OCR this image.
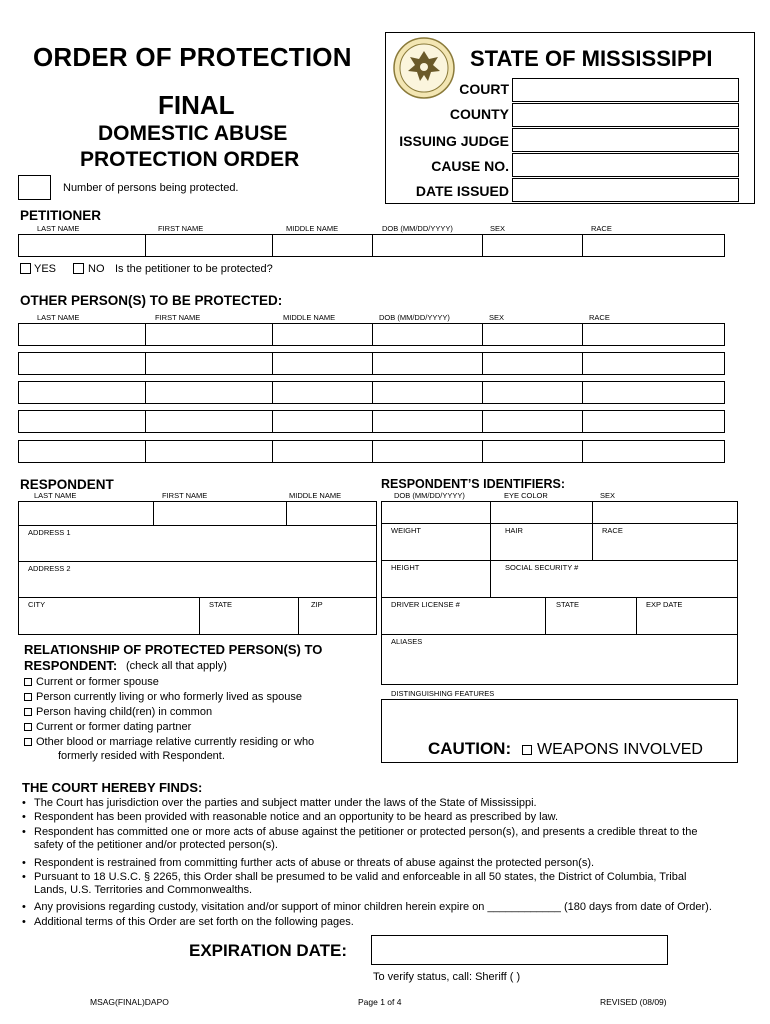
ORDER OF PROTECTION
FINAL
DOMESTIC ABUSE
PROTECTION ORDER
Number of persons being protected.
STATE OF MISSISSIPPI
COURT
COUNTY
ISSUING JUDGE
CAUSE NO.
DATE ISSUED
PETITIONER
LAST NAME	FIRST NAME	MIDDLE NAME	DOB (MM/DD/YYYY)	SEX	RACE
YES	NO Is the petitioner to be protected?
OTHER PERSON(S) TO BE PROTECTED:
LAST NAME	FIRST NAME	MIDDLE NAME	DOB (MM/DD/YYYY)	SEX	RACE
RESPONDENT
LAST NAME	FIRST NAME	MIDDLE NAME
ADDRESS 1
ADDRESS 2
CITY	STATE	ZIP
RESPONDENT’S IDENTIFIERS:
DOB (MM/DD/YYYY)	EYE COLOR	SEX
WEIGHT	HAIR	RACE
HEIGHT	SOCIAL SECURITY #
DRIVER LICENSE #	STATE	EXP DATE
ALIASES
DISTINGUISHING FEATURES
CAUTION: WEAPONS INVOLVED
RELATIONSHIP OF PROTECTED PERSON(S) TO
RESPONDENT: (check all that apply)
Current or former spouse
Person currently living or who formerly lived as spouse
Person having child(ren) in common
Current or former dating partner
Other blood or marriage relative currently residing or who
formerly resided with Respondent.
THE COURT HEREBY FINDS:
• The Court has jurisdiction over the parties and subject matter under the laws of the State of Mississippi.
• Respondent has been provided with reasonable notice and an opportunity to be heard as prescribed by law.
• Respondent has committed one or more acts of abuse against the petitioner or protected person(s), and presents a credible threat to the
safety of the petitioner and/or protected person(s).
• Respondent is restrained from committing further acts of abuse or threats of abuse against the protected person(s).
• Pursuant to 18 U.S.C. § 2265, this Order shall be presumed to be valid and enforceable in all 50 states, the District of Columbia, Tribal
Lands, U.S. Territories and Commonwealths.
• Any provisions regarding custody, visitation and/or support of minor children herein expire on ____________ (180 days from date of Order).
• Additional terms of this Order are set forth on the following pages.
EXPIRATION DATE:
To verify status, call: Sheriff ( )
MSAG(FINAL)DAPO	Page 1 of 4	REVISED (08/09)
